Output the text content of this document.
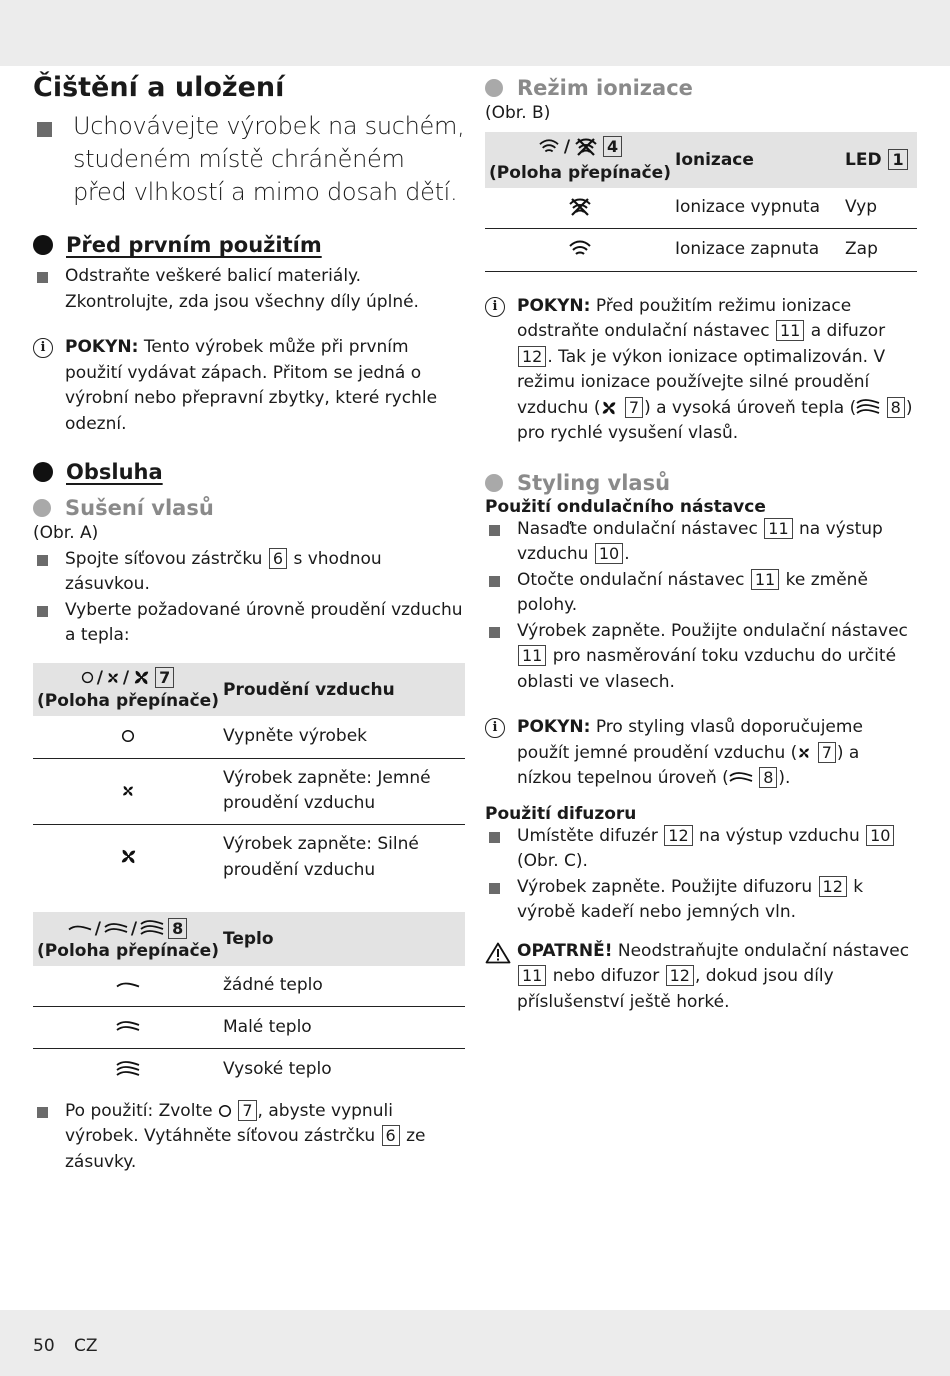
Čištění a uložení
Uchovávejte výrobek na suchém, studeném místě chráněném před vlhkostí a mimo dosah dětí.
Před prvním použitím
Odstraňte veškeré balicí materiály. Zkontrolujte, zda jsou všechny díly úplné.
i	POKYN: Tento výrobek může při prvním použití vydávat zápach. Přitom se jedná o výrobní nebo přepravní zbytky, které rychle odezní.

Obsluha
Sušení vlasů

(Obr. A)

Spojte síťovou zástrčku 6 s vhodnou zásuvkou.
Vyberte požadované úrovně proudění vzduchu a tepla:
/ / 7

(Poloha přepínače)	Proudění vzduchu
	Vypněte výrobek
	Výrobek zapněte: Jemné proudění vzduchu
	Výrobek zapněte: Silné proudění vzduchu
/ / 8

(Poloha přepínače)	Teplo
	žádné teplo
	Malé teplo
	Vysoké teplo
Po použití: Zvolte  7 , abyste vypnuli výrobek. Vytáhněte síťovou zástrčku 6 ze zásuvky.
Režim ionizace

(Obr. B)

/ 4

(Poloha přepínače)	Ionizace	LED 1
	Ionizace vypnuta	Vyp
	Ionizace zapnuta	Zap
i	POKYN: Před použitím režimu ionizace odstraňte ondulační nástavec 11 a difuzor 12 . Tak je výkon ionizace optimalizován. V režimu ionizace používejte silné proudění vzduchu ( 7 ) a vysoká úroveň tepla ( 8 ) pro rychlé vysušení vlasů.

Styling vlasů
Použití ondulačního nástavce
Nasaďte ondulační nástavec 11 na výstup vzduchu 10 .
Otočte ondulační nástavec 11 ke změně polohy.
Výrobek zapněte. Použijte ondulační nástavec 11 pro nasměrování toku vzduchu do určité oblasti ve vlasech.
i	POKYN: Pro styling vlasů doporučujeme použít jemné proudění vzduchu ( 7 ) a nízkou tepelnou úroveň ( 8 ).

Použití difuzoru
Umístěte difuzér 12 na výstup vzduchu 10 (Obr. C).
Výrobek zapněte. Použijte difuzoru 12 k výrobě kadeří nebo jemných vln.

OPATRNĚ! Neodstraňujte ondulační nástavec 11 nebo difuzor 12 , dokud jsou díly příslušenství ještě horké.

50 CZ
